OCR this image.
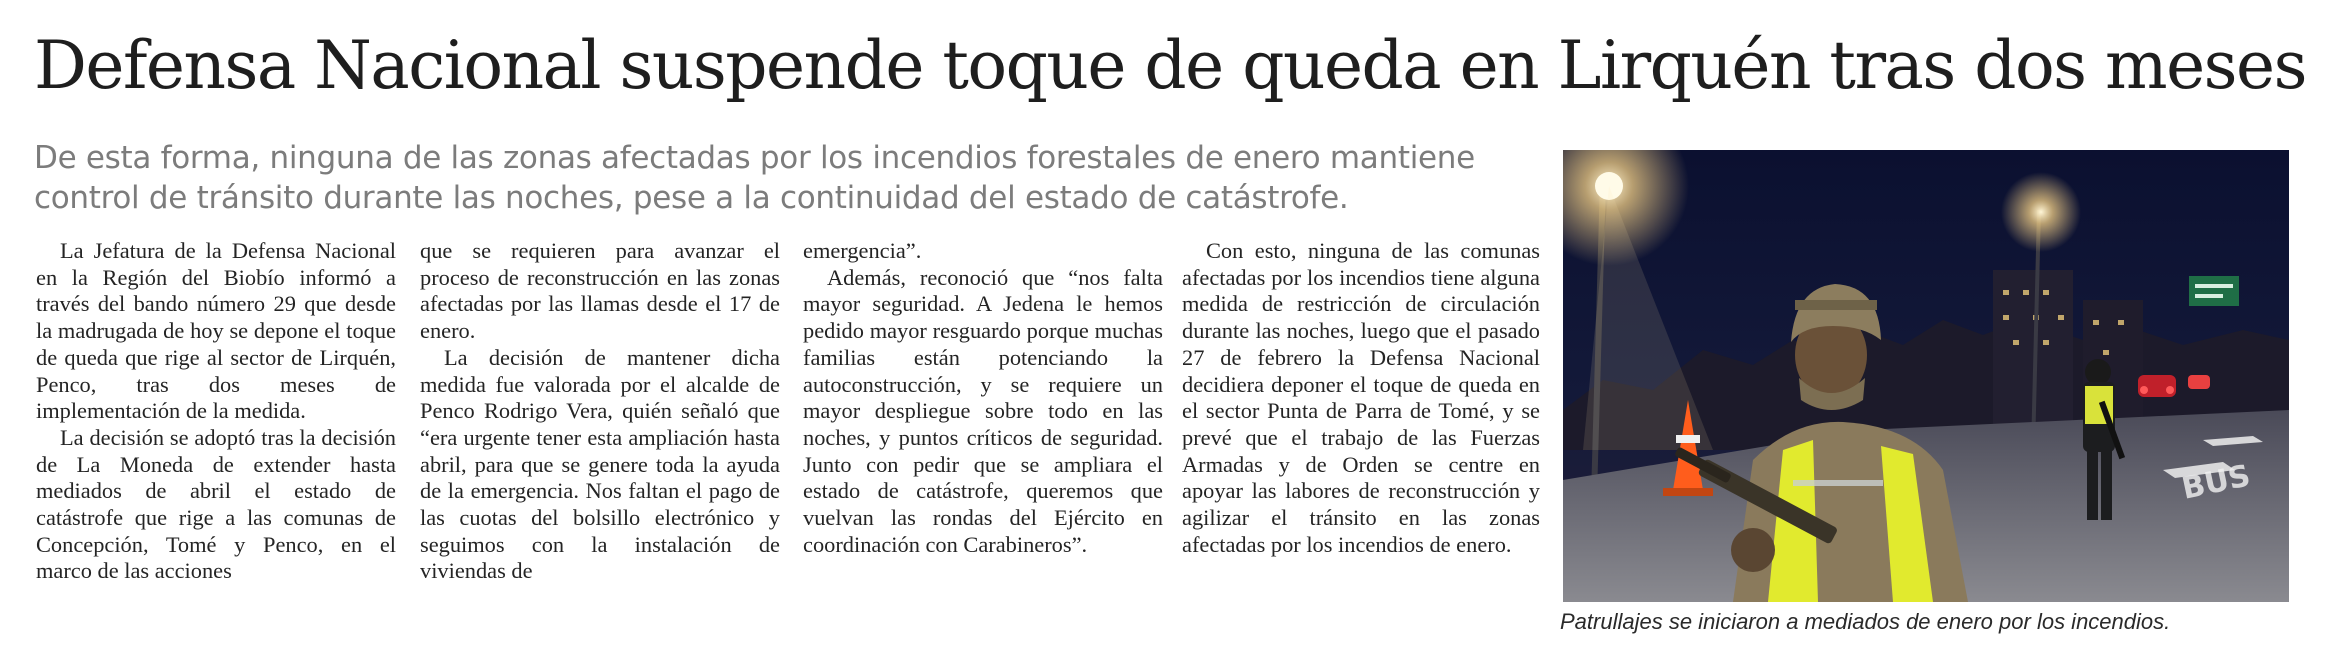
Defensa Nacional suspende toque de queda en Lirquén tras dos meses
De esta forma, ninguna de las zonas afectadas por los incendios forestales de enero mantiene
control de tránsito durante las noches, pese a la continuidad del estado de catástrofe.

La Jefatura de la Defensa Nacional en la Región del Biobío informó a través del bando número 29 que desde la madrugada de hoy se depone el toque de queda que rige al sector de Lirquén, Penco, tras dos meses de implementación de la medida.

La decisión se adoptó tras la decisión de La Moneda de extender hasta mediados de abril el estado de catástrofe que rige a las comunas de Concepción, Tomé y Penco, en el marco de las acciones

que se requieren para avanzar el proceso de reconstrucción en las zonas afectadas por las llamas desde el 17 de enero.

La decisión de mantener dicha medida fue valorada por el alcalde de Penco Rodrigo Vera, quién señaló que “era urgente tener esta ampliación hasta abril, para que se genere toda la ayuda de la emergencia. Nos faltan el pago de las cuotas del bolsillo electrónico y seguimos con la instalación de viviendas de

emergencia”.

Además, reconoció que “nos falta mayor seguridad. A Jedena le hemos pedido mayor resguardo porque muchas familias están potenciando la autoconstrucción, y se requiere un mayor despliegue sobre todo en las noches, y puntos críticos de seguridad. Junto con pedir que se ampliara el estado de catástrofe, queremos que vuelvan las rondas del Ejército en coordinación con Carabineros”.

Con esto, ninguna de las comunas afectadas por los incendios tiene alguna medida de restricción de circulación durante las noches, luego que el pasado 27 de febrero la Defensa Nacional decidiera deponer el toque de queda en el sector Punta de Parra de Tomé, y se prevé que el trabajo de las Fuerzas Armadas y de Orden se centre en apoyar las labores de reconstrucción y agilizar el tránsito en las zonas afectadas por los incendios de enero.

BUS
Patrullajes se iniciaron a mediados de enero por los incendios.
